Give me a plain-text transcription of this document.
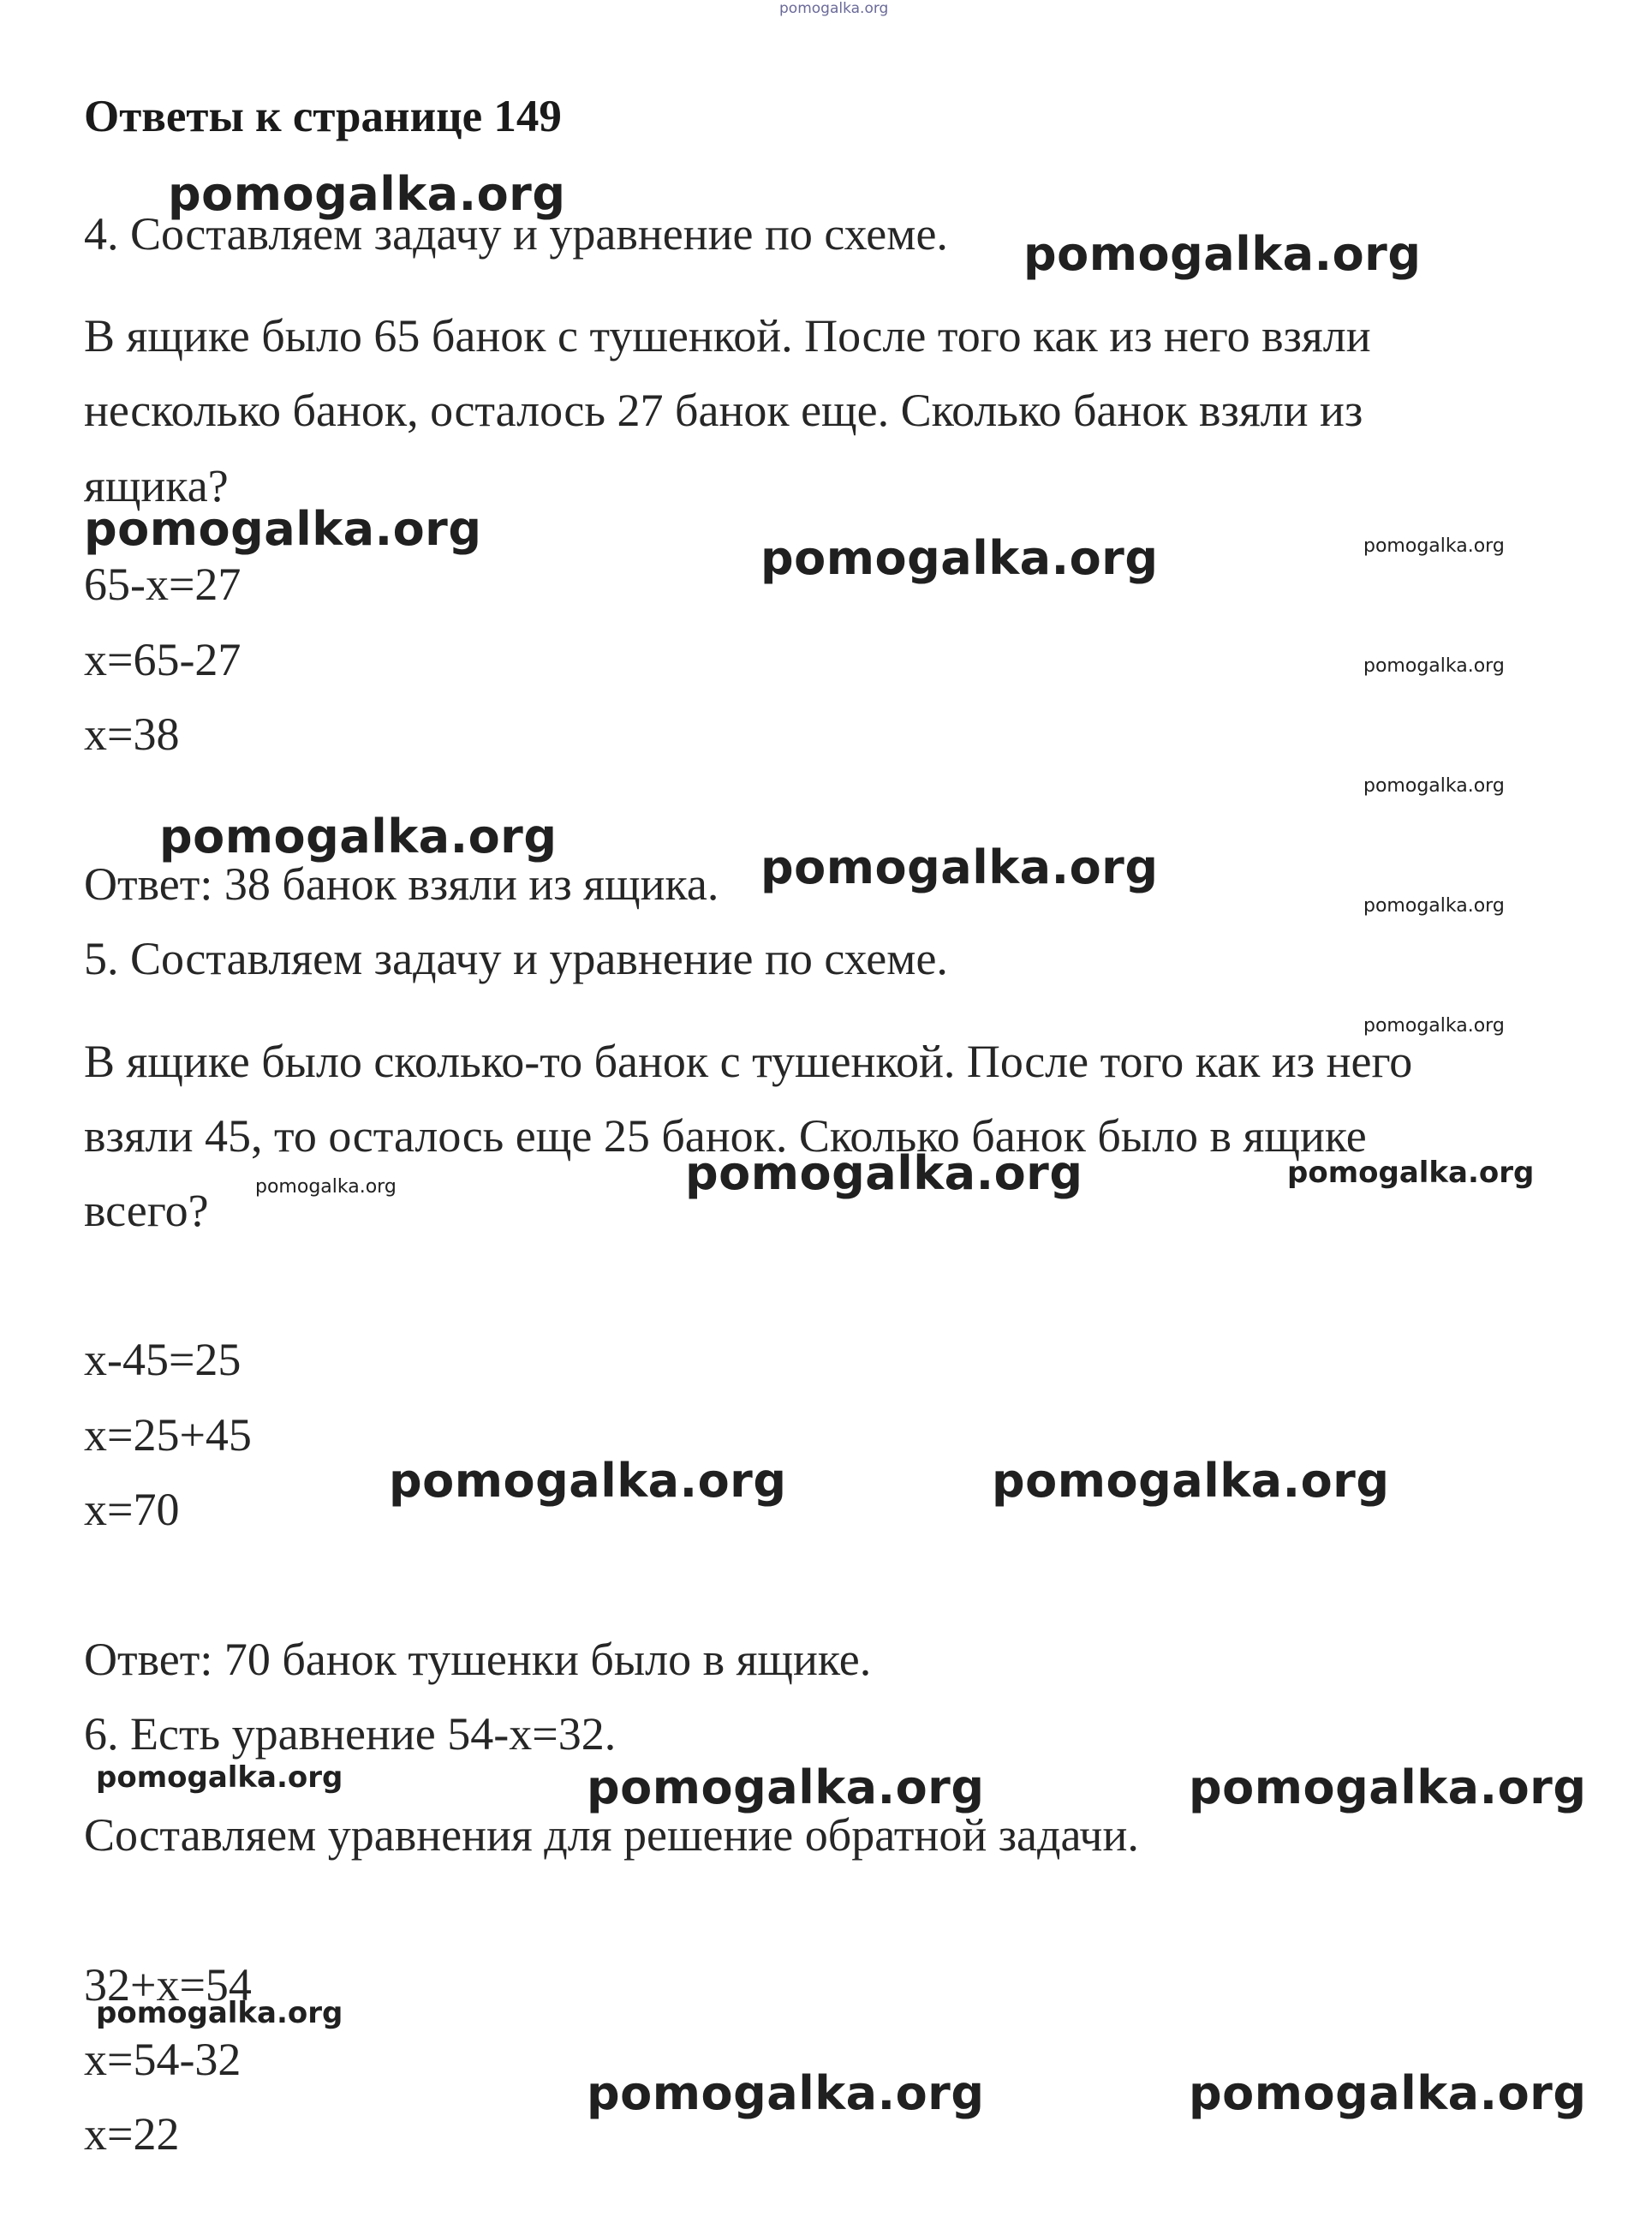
pomogalka.org
Ответы к странице 149

4. Составляем задачу и уравнение по схеме.

В ящике было 65 банок с тушенкой. После того как из него взяли

несколько банок, осталось 27 банок еще. Сколько банок взяли из

ящика?

65-x=27

x=65-27

x=38

Ответ: 38 банок взяли из ящика.

5. Составляем задачу и уравнение по схеме.

В ящике было сколько-то банок с тушенкой. После того как из него

взяли 45, то осталось еще 25 банок. Сколько банок было в ящике

всего?

x-45=25

x=25+45

x=70

Ответ: 70 банок тушенки было в ящике.

6. Есть уравнение 54-x=32.

Составляем уравнения для решение обратной задачи.

32+x=54

x=54-32

x=22

pomogalka.org
pomogalka.org
pomogalka.org
pomogalka.org	pomogalka.org
pomogalka.org
pomogalka.org
pomogalka.org
pomogalka.org
pomogalka.org
pomogalka.org	pomogalka.org	pomogalka.org
pomogalka.org	pomogalka.org
pomogalka.org	pomogalka.org	pomogalka.org
pomogalka.org
pomogalka.org	pomogalka.org
pomogalka.org
